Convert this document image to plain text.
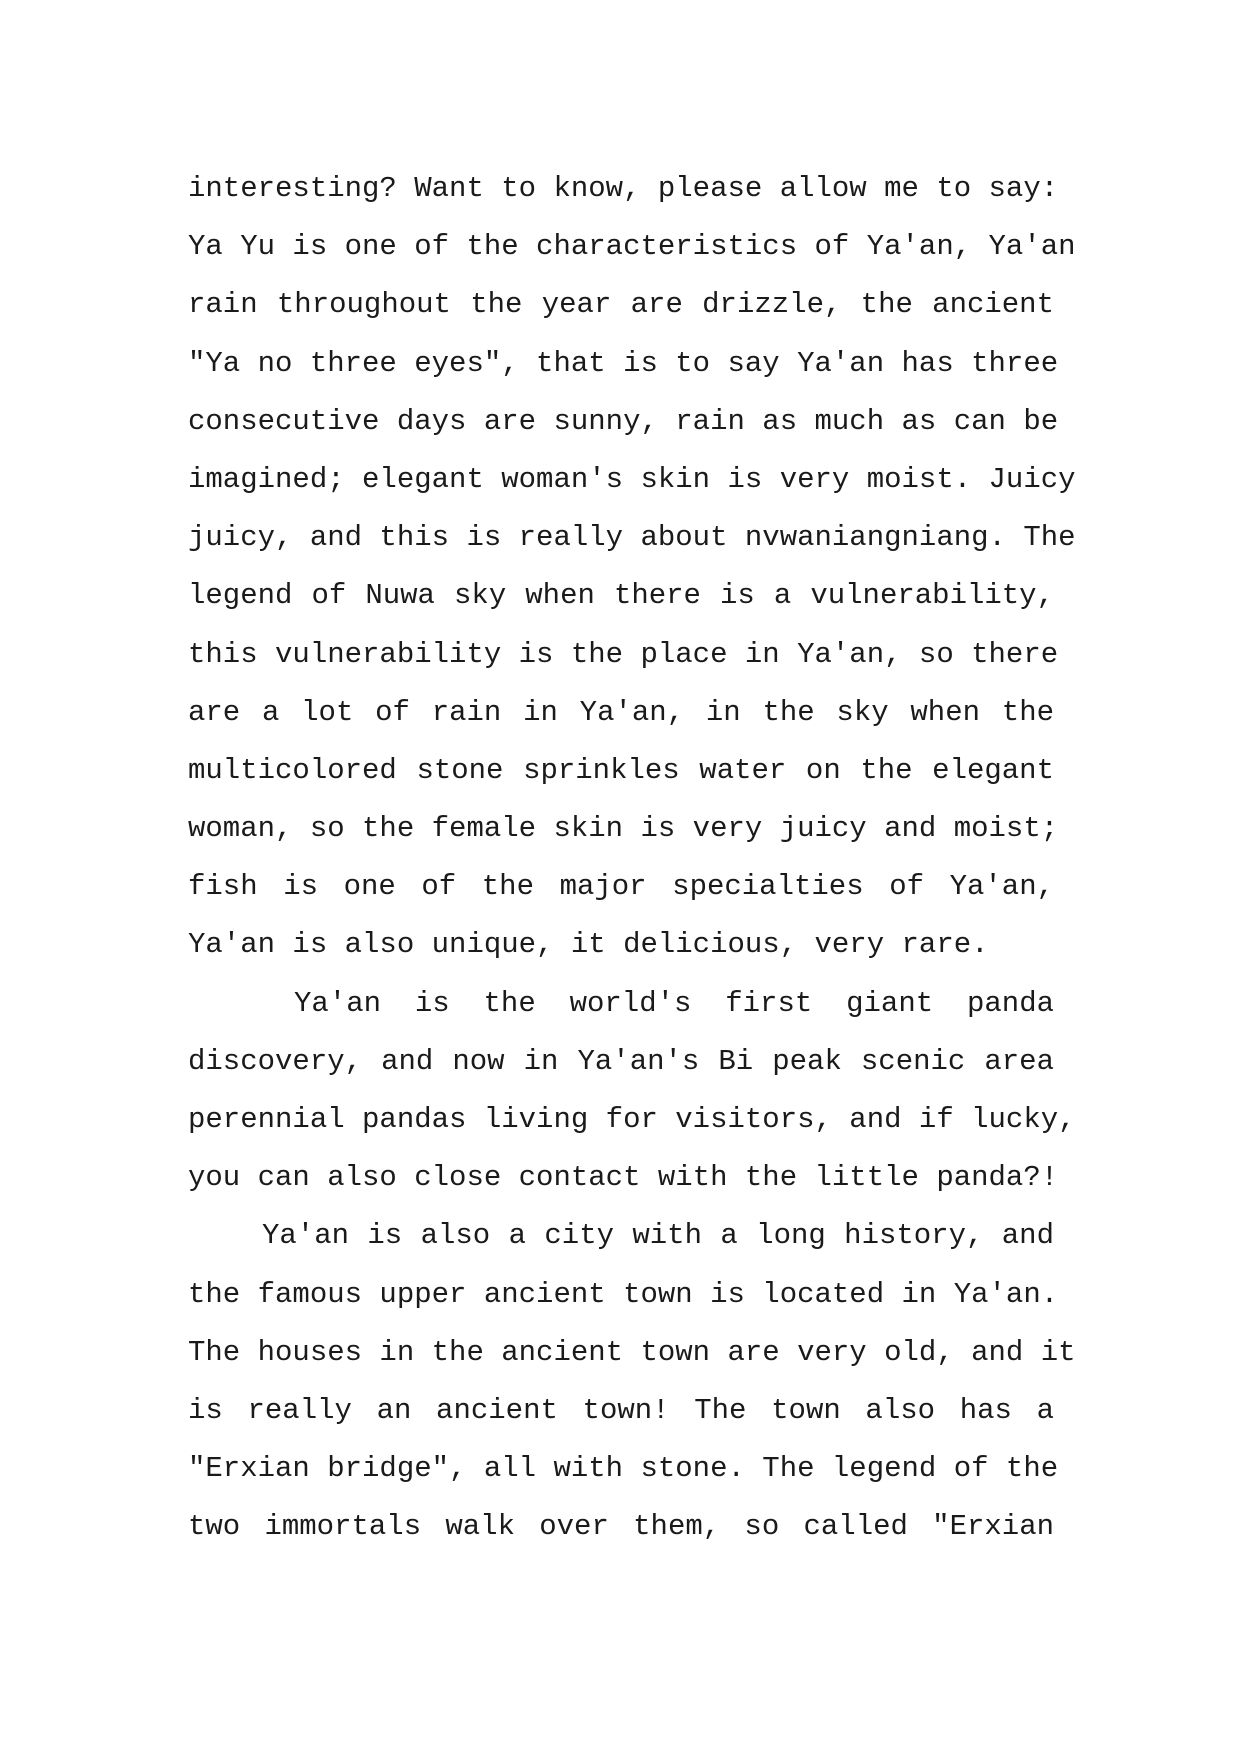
interesting? Want to know, please allow me to say:
Ya Yu is one of the characteristics of Ya'an, Ya'an
rain throughout the year are drizzle, the ancient
"Ya no three eyes", that is to say Ya'an has three
consecutive days are sunny, rain as much as can be
imagined; elegant woman's skin is very moist. Juicy
juicy, and this is really about nvwaniangniang. The
legend of Nuwa sky when there is a vulnerability,
this vulnerability is the place in Ya'an, so there
are a lot of rain in Ya'an, in the sky when the
multicolored stone sprinkles water on the elegant
woman, so the female skin is very juicy and moist;
fish is one of the major specialties of Ya'an,
Ya'an is also unique, it delicious, very rare.
Ya'an is the world's first giant panda
discovery, and now in Ya'an's Bi peak scenic area
perennial pandas living for visitors, and if lucky,
you can also close contact with the little panda?!
Ya'an is also a city with a long history, and
the famous upper ancient town is located in Ya'an.
The houses in the ancient town are very old, and it
is really an ancient town! The town also has a
"Erxian bridge", all with stone. The legend of the
two immortals walk over them, so called "Erxian
